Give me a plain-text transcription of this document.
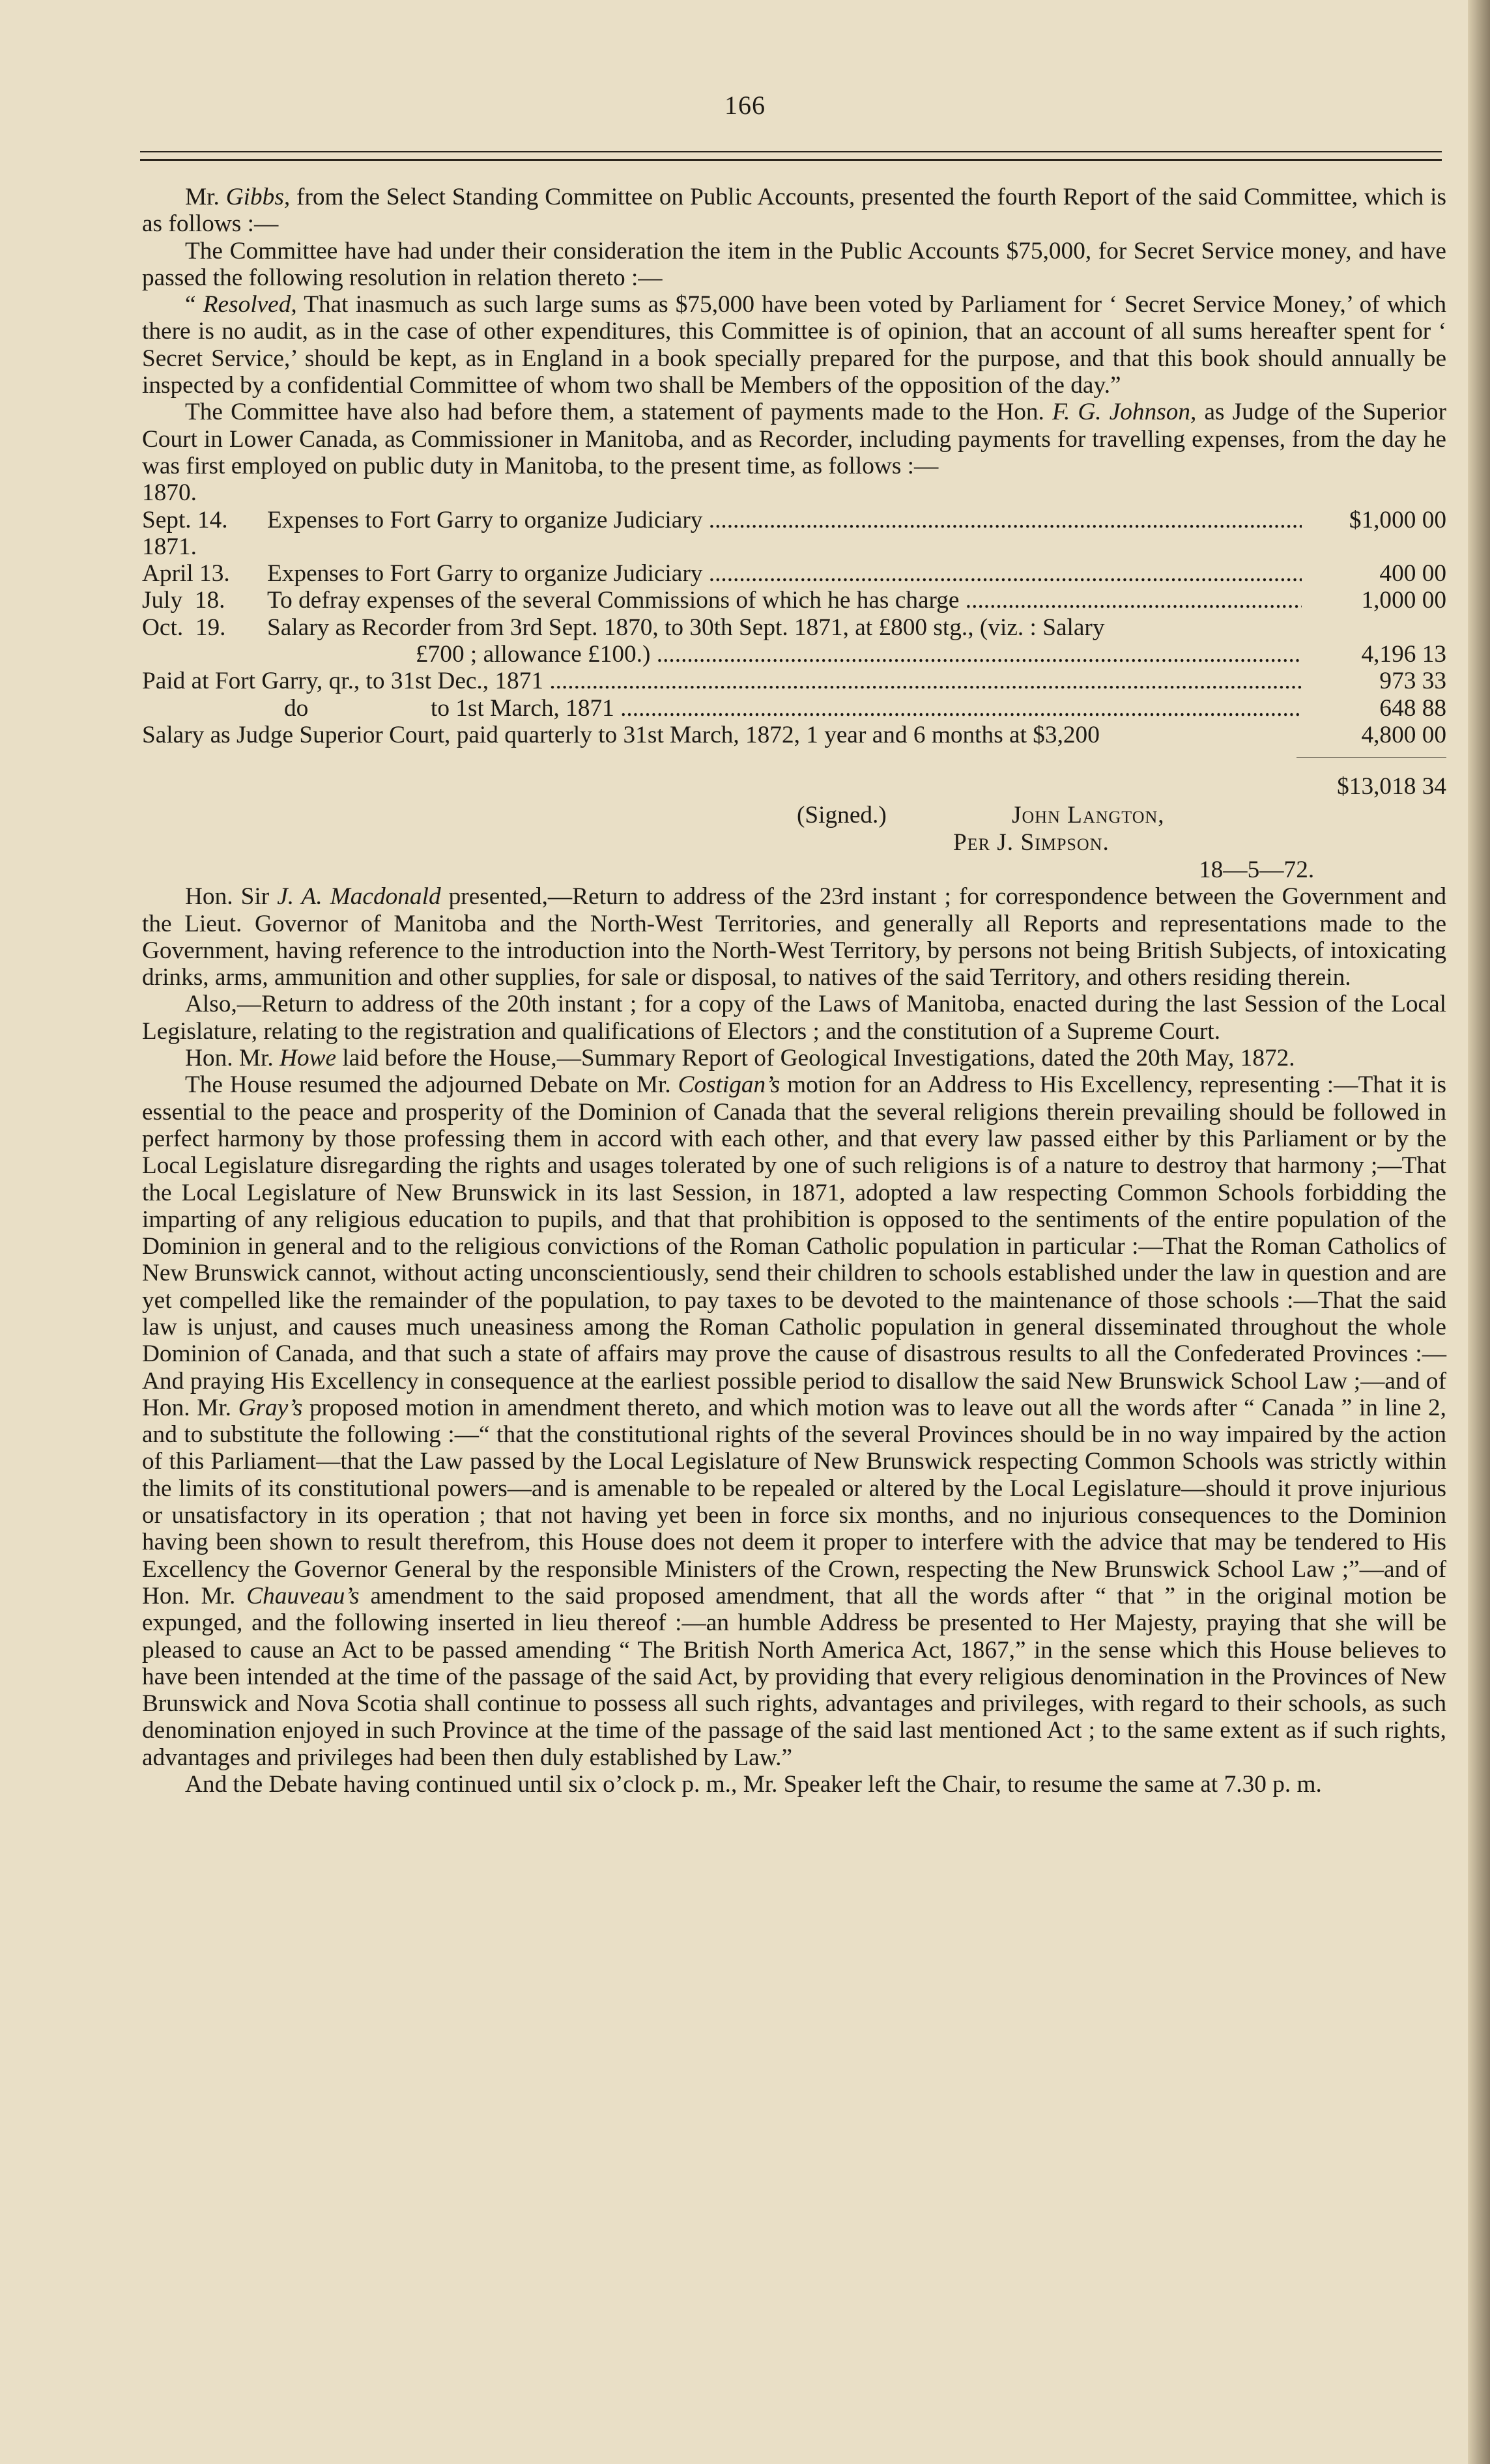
166

Mr. Gibbs, from the Select Standing Committee on Public Accounts, presented the fourth Report of the said Committee, which is as follows :—

The Committee have had under their consideration the item in the Public Accounts $75,000, for Secret Service money, and have passed the following resolution in relation thereto :—

“ Resolved, That inasmuch as such large sums as $75,000 have been voted by Parliament for ‘ Secret Service Money,’ of which there is no audit, as in the case of other expenditures, this Committee is of opinion, that an account of all sums hereafter spent for ‘ Secret Service,’ should be kept, as in England in a book specially prepared for the purpose, and that this book should annually be inspected by a confidential Committee of whom two shall be Members of the opposition of the day.”

The Committee have also had before them, a statement of payments made to the Hon. F. G. Johnson, as Judge of the Superior Court in Lower Canada, as Commissioner in Manitoba, and as Recorder, including payments for travelling expenses, from the day he was first employed on public duty in Manitoba, to the present time, as follows :—

1870.
Sept. 14.	Expenses to Fort Garry to organize Judiciary .....	$1,000 00
1871.
April 13.	Expenses to Fort Garry to organize Judiciary .....	400 00
July  18.	To defray expenses of the several Commissions of which he has charge .....	1,000 00
Oct.  19.	Salary as Recorder from 3rd Sept. 1870, to 30th Sept. 1871, at £800 stg., (viz. : Salary
£700 ; allowance £100.) .....	4,196 13
Paid at Fort Garry, qr., to 31st Dec., 1871 .....	973 33
do	to 1st March, 1871 .....	648 88
Salary as Judge Superior Court, paid quarterly to 31st March, 1872, 1 year and 6 months at $3,200	4,800 00
$13,018 34
(Signed.)	John Langton,
Per J. Simpson.
18—5—72.

Hon. Sir J. A. Macdonald presented,—Return to address of the 23rd instant ; for correspondence between the Government and the Lieut. Governor of Manitoba and the North-West Territories, and generally all Reports and representations made to the Government, having reference to the introduction into the North-West Territory, by persons not being British Subjects, of intoxicating drinks, arms, ammunition and other supplies, for sale or disposal, to natives of the said Territory, and others residing therein.

Also,—Return to address of the 20th instant ; for a copy of the Laws of Manitoba, enacted during the last Session of the Local Legislature, relating to the registration and qualifications of Electors ; and the constitution of a Supreme Court.

Hon. Mr. Howe laid before the House,—Summary Report of Geological Investigations, dated the 20th May, 1872.

The House resumed the adjourned Debate on Mr. Costigan’s motion for an Address to His Excellency, representing :—That it is essential to the peace and prosperity of the Dominion of Canada that the several religions therein prevailing should be followed in perfect harmony by those professing them in accord with each other, and that every law passed either by this Parliament or by the Local Legislature disregarding the rights and usages tolerated by one of such religions is of a nature to destroy that harmony ;—That the Local Legislature of New Brunswick in its last Session, in 1871, adopted a law respecting Common Schools forbidding the imparting of any religious education to pupils, and that that prohibition is opposed to the sentiments of the entire population of the Dominion in general and to the religious convictions of the Roman Catholic population in particular :—That the Roman Catholics of New Brunswick cannot, without acting unconscientiously, send their children to schools established under the law in question and are yet compelled like the remainder of the population, to pay taxes to be devoted to the maintenance of those schools :—That the said law is unjust, and causes much uneasiness among the Roman Catholic population in general disseminated throughout the whole Dominion of Canada, and that such a state of affairs may prove the cause of disastrous results to all the Confederated Provinces :—And praying His Excellency in consequence at the earliest possible period to disallow the said New Brunswick School Law ;—and of Hon. Mr. Gray’s proposed motion in amendment thereto, and which motion was to leave out all the words after “ Canada ” in line 2, and to substitute the following :—“ that the constitutional rights of the several Provinces should be in no way impaired by the action of this Parliament—that the Law passed by the Local Legislature of New Brunswick respecting Common Schools was strictly within the limits of its constitutional powers—and is amenable to be repealed or altered by the Local Legislature—should it prove injurious or unsatisfactory in its operation ; that not having yet been in force six months, and no injurious consequences to the Dominion having been shown to result therefrom, this House does not deem it proper to interfere with the advice that may be tendered to His Excellency the Governor General by the responsible Ministers of the Crown, respecting the New Brunswick School Law ;”—and of Hon. Mr. Chauveau’s amendment to the said proposed amendment, that all the words after “ that ” in the original motion be expunged, and the following inserted in lieu thereof :—an humble Address be presented to Her Majesty, praying that she will be pleased to cause an Act to be passed amending “ The British North America Act, 1867,” in the sense which this House believes to have been intended at the time of the passage of the said Act, by providing that every religious denomination in the Provinces of New Brunswick and Nova Scotia shall continue to possess all such rights, advantages and privileges, with regard to their schools, as such denomination enjoyed in such Province at the time of the passage of the said last mentioned Act ; to the same extent as if such rights, advantages and privileges had been then duly established by Law.”

And the Debate having continued until six o’clock p. m., Mr. Speaker left the Chair, to resume the same at 7.30 p. m.
